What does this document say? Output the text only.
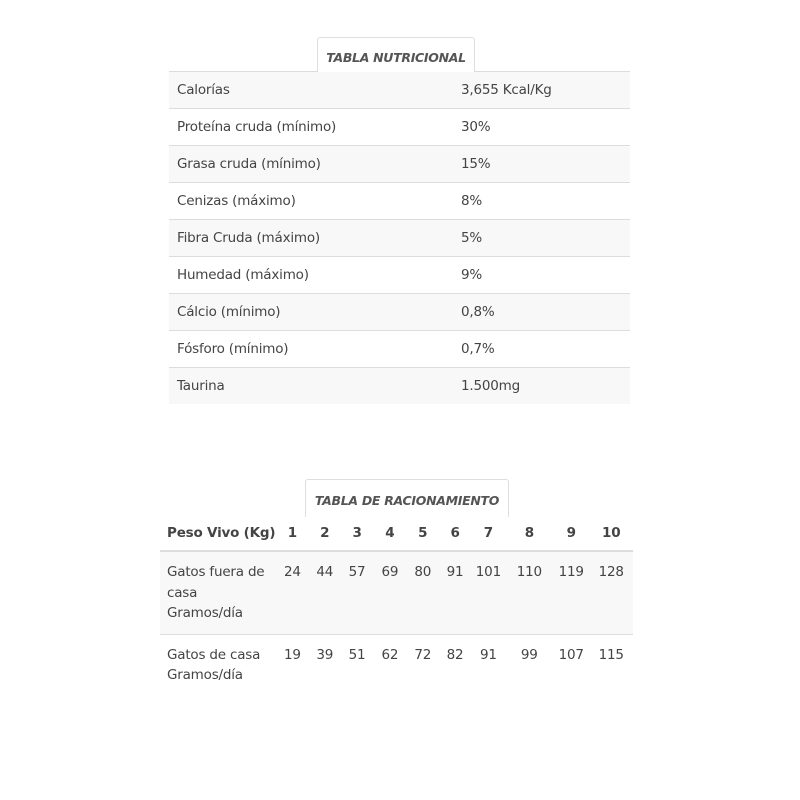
TABLA NUTRICIONAL
Calorías	3,655 Kcal/Kg
Proteína cruda (mínimo)	30%
Grasa cruda (mínimo)	15%
Cenizas (máximo)	8%
Fibra Cruda (máximo)	5%
Humedad (máximo)	9%
Cálcio (mínimo)	0,8%
Fósforo (mínimo)	0,7%
Taurina	1.500mg
TABLA DE RACIONAMIENTO
Peso Vivo (Kg)	1	2	3	4	5	6	7	8	9	10

Gatos fuera de
casa
Gramos/día	24	44	57	69	80	91	101	110	119	128

Gatos de casa
Gramos/día	19	39	51	62	72	82	91	99	107	115
